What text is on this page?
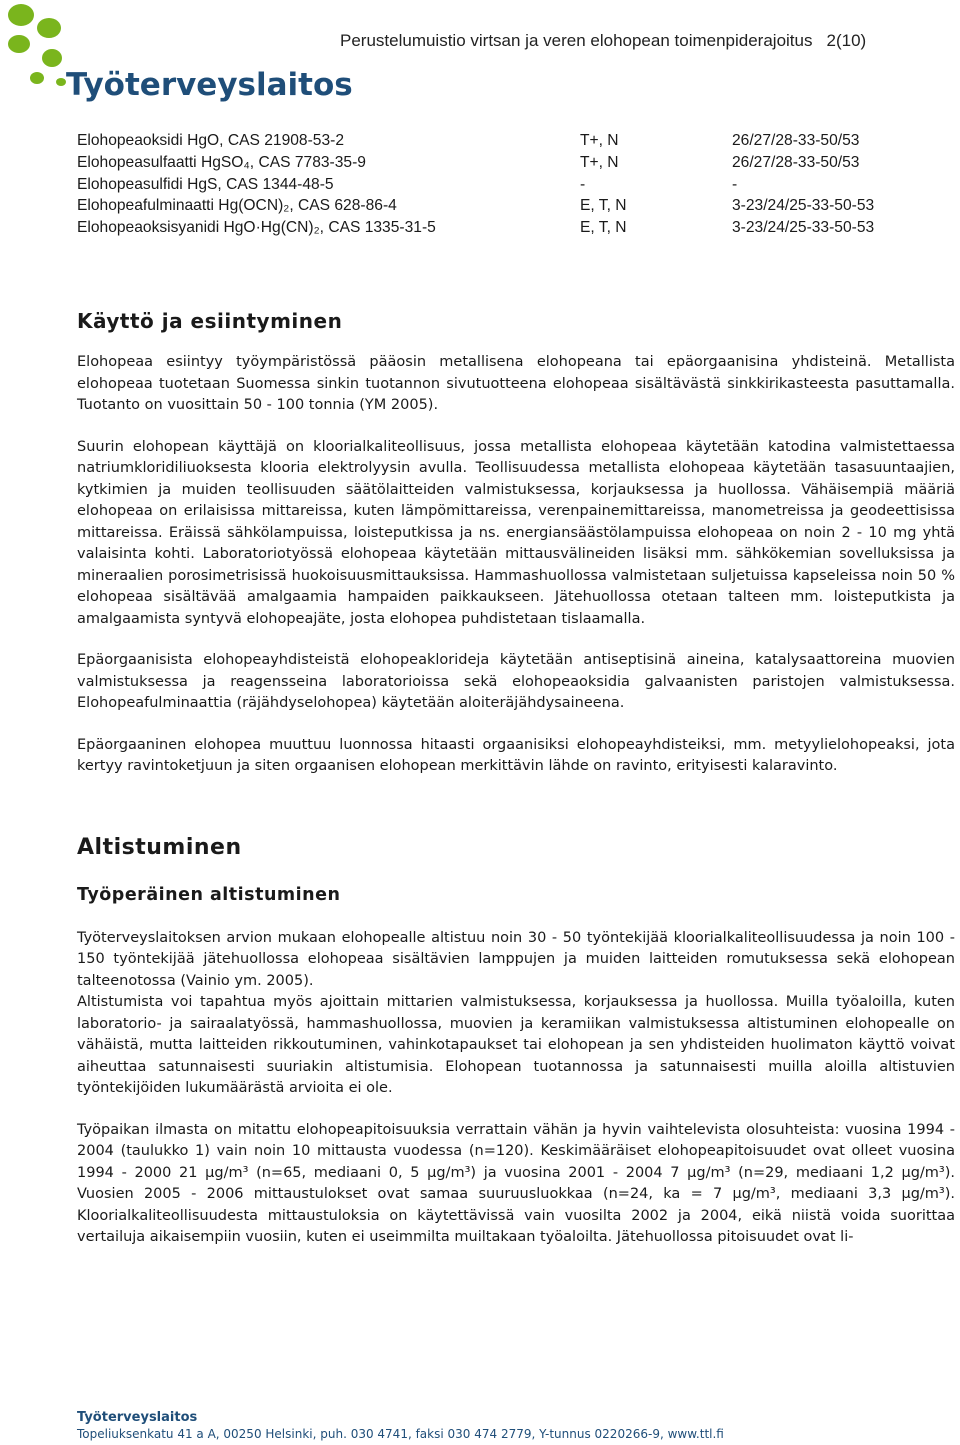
Työterveyslaitos
Perustelumuistio virtsan ja veren elohopean toimenpiderajoitus 2(10)
Elohopeaoksidi HgO, CAS 21908-53-2	T+, N	26/27/28-33-50/53
Elohopeasulfaatti HgSO₄, CAS 7783-35-9	T+, N	26/27/28-33-50/53
Elohopeasulfidi HgS, CAS 1344-48-5	-	-
Elohopeafulminaatti Hg(OCN)₂, CAS 628-86-4	E, T, N	3-23/24/25-33-50-53
Elohopeaoksisyanidi HgO·Hg(CN)₂, CAS 1335-31-5	E, T, N	3-23/24/25-33-50-53
Käyttö ja esiintyminen

Elohopeaa esiintyy työympäristössä pääosin metallisena elohopeana tai epäorgaanisina yhdisteinä. Metallista elohopeaa tuotetaan Suomessa sinkin tuotannon sivutuotteena elohopeaa sisältävästä sinkkirikasteesta pasuttamalla. Tuotanto on vuosittain 50 - 100 tonnia (YM 2005).

Suurin elohopean käyttäjä on kloorialkaliteollisuus, jossa metallista elohopeaa käytetään katodina valmistettaessa natriumkloridiliuoksesta klooria elektrolyysin avulla. Teollisuudessa metallista elohopeaa käytetään tasasuuntaajien, kytkimien ja muiden teollisuuden säätölaitteiden valmistuksessa, korjauksessa ja huollossa. Vähäisempiä määriä elohopeaa on erilaisissa mittareissa, kuten lämpömittareissa, verenpainemittareissa, manometreissa ja geodeettisissa mittareissa. Eräissä sähkölampuissa, loisteputkissa ja ns. energiansäästölampuissa elohopeaa on noin 2 - 10 mg yhtä valaisinta kohti. Laboratoriotyössä elohopeaa käytetään mittausvälineiden lisäksi mm. sähkökemian sovelluksissa ja mineraalien porosimetrisissä huokoisuusmittauksissa. Hammashuollossa valmistetaan suljetuissa kapseleissa noin 50 % elohopeaa sisältävää amalgaamia hampaiden paikkaukseen. Jätehuollossa otetaan talteen mm. loisteputkista ja amalgaamista syntyvä elohopeajäte, josta elohopea puhdistetaan tislaamalla.

Epäorgaanisista elohopeayhdisteistä elohopeaklorideja käytetään antiseptisinä aineina, katalysaattoreina muovien valmistuksessa ja reagensseina laboratorioissa sekä elohopeaoksidia galvaanisten paristojen valmistuksessa. Elohopeafulminaattia (räjähdyselohopea) käytetään aloiteräjähdysaineena.

Epäorgaaninen elohopea muuttuu luonnossa hitaasti orgaanisiksi elohopeayhdisteiksi, mm. metyylielohopeaksi, jota kertyy ravintoketjuun ja siten orgaanisen elohopean merkittävin lähde on ravinto, erityisesti kalaravinto.

Altistuminen
Työperäinen altistuminen

Työterveyslaitoksen arvion mukaan elohopealle altistuu noin 30 - 50 työntekijää kloorialkaliteollisuudessa ja noin 100 - 150 työntekijää jätehuollossa elohopeaa sisältävien lamppujen ja muiden laitteiden romutuksessa sekä elohopean talteenotossa (Vainio ym. 2005).

Altistumista voi tapahtua myös ajoittain mittarien valmistuksessa, korjauksessa ja huollossa. Muilla työaloilla, kuten laboratorio- ja sairaalatyössä, hammashuollossa, muovien ja keramiikan valmistuksessa altistuminen elohopealle on vähäistä, mutta laitteiden rikkoutuminen, vahinkotapaukset tai elohopean ja sen yhdisteiden huolimaton käyttö voivat aiheuttaa satunnaisesti suuriakin altistumisia. Elohopean tuotannossa ja satunnaisesti muilla aloilla altistuvien työntekijöiden lukumäärästä arvioita ei ole.

Työpaikan ilmasta on mitattu elohopeapitoisuuksia verrattain vähän ja hyvin vaihtelevista olosuhteista: vuosina 1994 - 2004 (taulukko 1) vain noin 10 mittausta vuodessa (n=120). Keskimääräiset elohopeapitoisuudet ovat olleet vuosina 1994 - 2000 21 µg/m³ (n=65, mediaani 0, 5 µg/m³) ja vuosina 2001 - 2004 7 µg/m³ (n=29, mediaani 1,2 µg/m³). Vuosien 2005 - 2006 mittaustulokset ovat samaa suuruusluokkaa (n=24, ka = 7 µg/m³, mediaani 3,3 µg/m³). Kloorialkaliteollisuudesta mittaustuloksia on käytettävissä vain vuosilta 2002 ja 2004, eikä niistä voida suorittaa vertailuja aikaisempiin vuosiin, kuten ei useimmilta muiltakaan työaloilta. Jätehuollossa pitoisuudet ovat li-

Työterveyslaitos
Topeliuksenkatu 41 a A, 00250 Helsinki, puh. 030 4741, faksi 030 474 2779, Y-tunnus 0220266-9, www.ttl.fi
